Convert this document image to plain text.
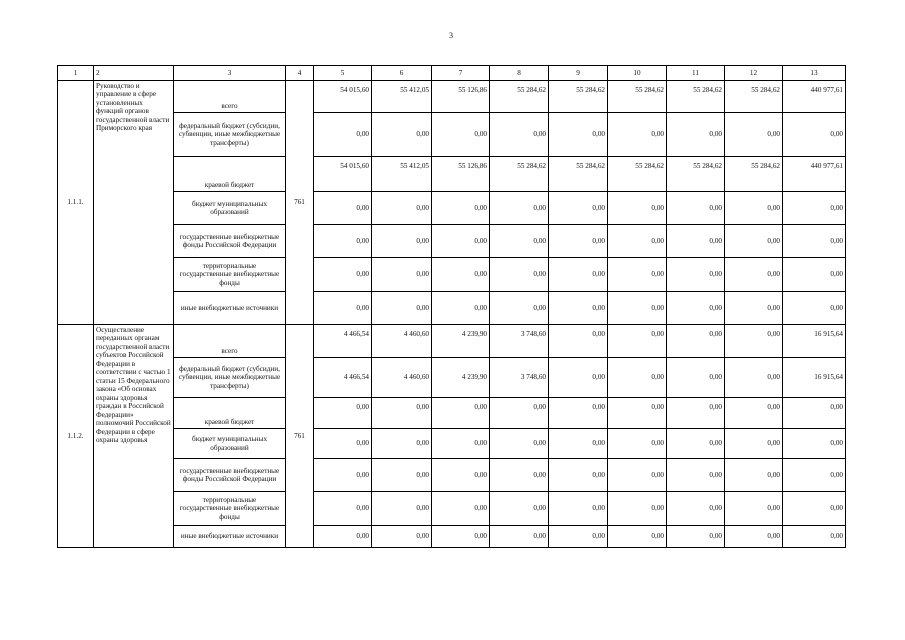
3
1	2	3	4	5	6	7	8	9	10	11	12	13
1.1.1.	Руководство и управление в сфере установленных функций органов государственной власти Приморского края	всего	761	54 015,60	55 412,05	55 126,86	55 284,62	55 284,62	55 284,62	55 284,62	55 284,62	440 977,61
		федеральный бюджет (субсидии, субвенции, иные межбюджетные трансферты)		0,00	0,00	0,00	0,00	0,00	0,00	0,00	0,00	0,00
		краевой бюджет		54 015,60	55 412,05	55 126,86	55 284,62	55 284,62	55 284,62	55 284,62	55 284,62	440 977,61
		бюджет муниципальных образований		0,00	0,00	0,00	0,00	0,00	0,00	0,00	0,00	0,00
		государственные внебюджетные фонды Российской Федерации		0,00	0,00	0,00	0,00	0,00	0,00	0,00	0,00	0,00
		территориальные государственные внебюджетные фонды		0,00	0,00	0,00	0,00	0,00	0,00	0,00	0,00	0,00
		иные внебюджетные источники		0,00	0,00	0,00	0,00	0,00	0,00	0,00	0,00	0,00
1.1.2.	Осуществление переданных органам государственной власти субъектов Российской Федерации в соответствии с частью 1 статьи 15 Федерального закона «Об основах охраны здоровья граждан в Российской Федерации» полномочий Российской Федерации в сфере охраны здоровья	всего	761	4 466,54	4 460,60	4 239,90	3 748,60	0,00	0,00	0,00	0,00	16 915,64
		федеральный бюджет (субсидии, субвенции, иные межбюджетные трансферты)		4 466,54	4 460,60	4 239,90	3 748,60	0,00	0,00	0,00	0,00	16 915,64
		краевой бюджет		0,00	0,00	0,00	0,00	0,00	0,00	0,00	0,00	0,00
		бюджет муниципальных образований		0,00	0,00	0,00	0,00	0,00	0,00	0,00	0,00	0,00
		государственные внебюджетные фонды Российской Федерации		0,00	0,00	0,00	0,00	0,00	0,00	0,00	0,00	0,00
		территориальные государственные внебюджетные фонды		0,00	0,00	0,00	0,00	0,00	0,00	0,00	0,00	0,00
		иные внебюджетные источники		0,00	0,00	0,00	0,00	0,00	0,00	0,00	0,00	0,00
